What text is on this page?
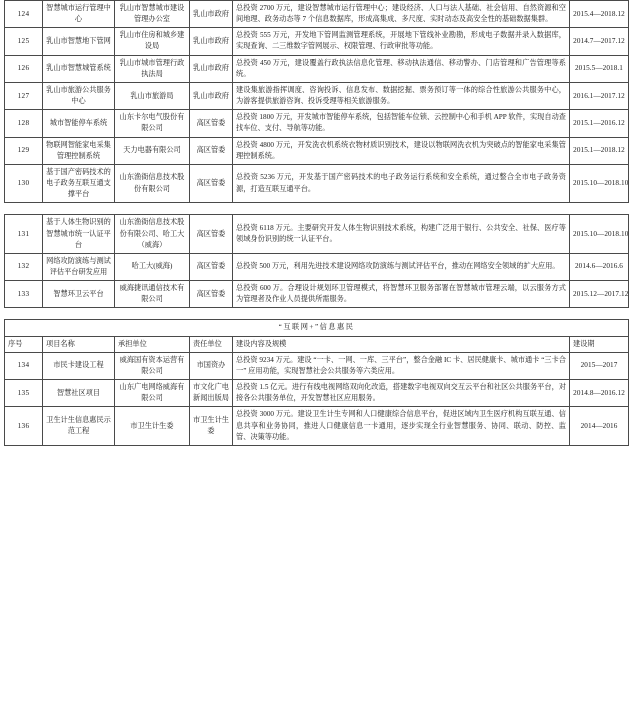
124	智慧城市运行管理中心	乳山市智慧城市建设管理办公室	乳山市政府	总投资 2700 万元，建设智慧城市运行管理中心；建设经济、人口与法人基础、社会信用、自然资源和空间地理、政务动态等 7 个信息数据库，形成高集成、多尺度、实时动态及高安全性的基础数据集群。	2015.4—2018.12
125	乳山市智慧地下管网	乳山市住房和城乡建设局	乳山市政府	总投资 555 万元，开发地下管网监测管理系统，开展地下管线补业勘勘，形成电子数据并录入数据库，实现查询、二三维数字管网展示、权限管理、行政审批等功能。	2014.7—2017.12
126	乳山市智慧城管系统	乳山市城市管理行政执法局	乳山市政府	总投资 450 万元，建设覆盖行政执法信息化管理、移动执法通信、移动警办、门店管理和广告管理等系统。	2015.5—2018.1
127	乳山市旅游公共服务中心	乳山市旅游局	乳山市政府	建设集旅游指挥调度、咨询投诉、信息发布、数据挖掘、票务预订等一体的综合性旅游公共服务中心，为游客提供旅游咨询、投诉受理等相关旅游服务。	2016.1—2017.12
128	城市智能停车系统	山东卡尔电气股份有限公司	高区管委	总投资 1800 万元，开发城市智能停车系统，包括智能车位锁、云控制中心和手机 APP 软件，实现自动查找车位、支付、导航等功能。	2015.1—2016.12
129	物联网智能家电采集管理控制系统	天力电器有限公司	高区管委	总投资 4800 万元，开发洗衣机系统衣物材质识别技术，建设以物联网洗衣机为突破点的智能家电采集管理控制系统。	2015.1—2018.12
130	基于国产密码技术的电子政务互联互通支撑平台	山东渔衙信息技术股份有限公司	高区管委	总投资 5236 万元，开发基于国产密码技术的电子政务运行系统和安全系统，通过整合全市电子政务资源，打造互联互通平台。	2015.10—2018.10
131	基于人体生物识别的智慧城市统一认证平台	山东渔衙信息技术股份有限公司、哈工大（威海）	高区管委	总投资 6118 万元。主要研究开发人体生物识别技术系统，构建广泛用于银行、公共安全、社保、医疗等领域身份识别的统一认证平台。	2015.10—2018.10
132	网络攻防演练与测试评估平台研发应用	哈工大(威海)	高区管委	总投资 500 万元，利用先进技术建设网络攻防演练与测试评估平台，推动在网络安全领域的扩大应用。	2014.6—2016.6
133	智慧环卫云平台	威海捷讯通信技术有限公司	高区管委	总投资 600 万。合理设计规划环卫管理模式，将智慧环卫服务部署在智慧城市管理云端，以云服务方式为管理者及作业人员提供所需服务。	2015.12—2017.12
“互联网+”信息惠民					
序号	项目名称	承担单位	责任单位	建设内容及规模	建设期
134	市民卡建设工程	威海国有资本运营有限公司	市国资办	总投资 9234 万元。建设 “一卡、一网、一库、三平台”，整合金融 IC 卡、居民健康卡、城市通卡 “三卡合一” 应用功能，实现智慧社会公共服务等六类应用。	2015—2017
135	智慧社区项目	山东广电网络威海有限公司	市文化广电新闻出版局	总投资 1.5 亿元。进行有线电视网络双向化改造，搭建数字电视双向交互云平台和社区公共服务平台，对接各公共服务单位，开发智慧社区应用服务。	2014.8—2016.12
136	卫生计生信息惠民示范工程	市卫生计生委	市卫生计生委	总投资 3000 万元。建设卫生计生专网和人口健康综合信息平台，促进区域内卫生医疗机构互联互通、信息共享和业务协同，推进人口健康信息一卡通用，逐步实现全行业智慧服务、协同、联动、防控、监管、决策等功能。	2014—2016
